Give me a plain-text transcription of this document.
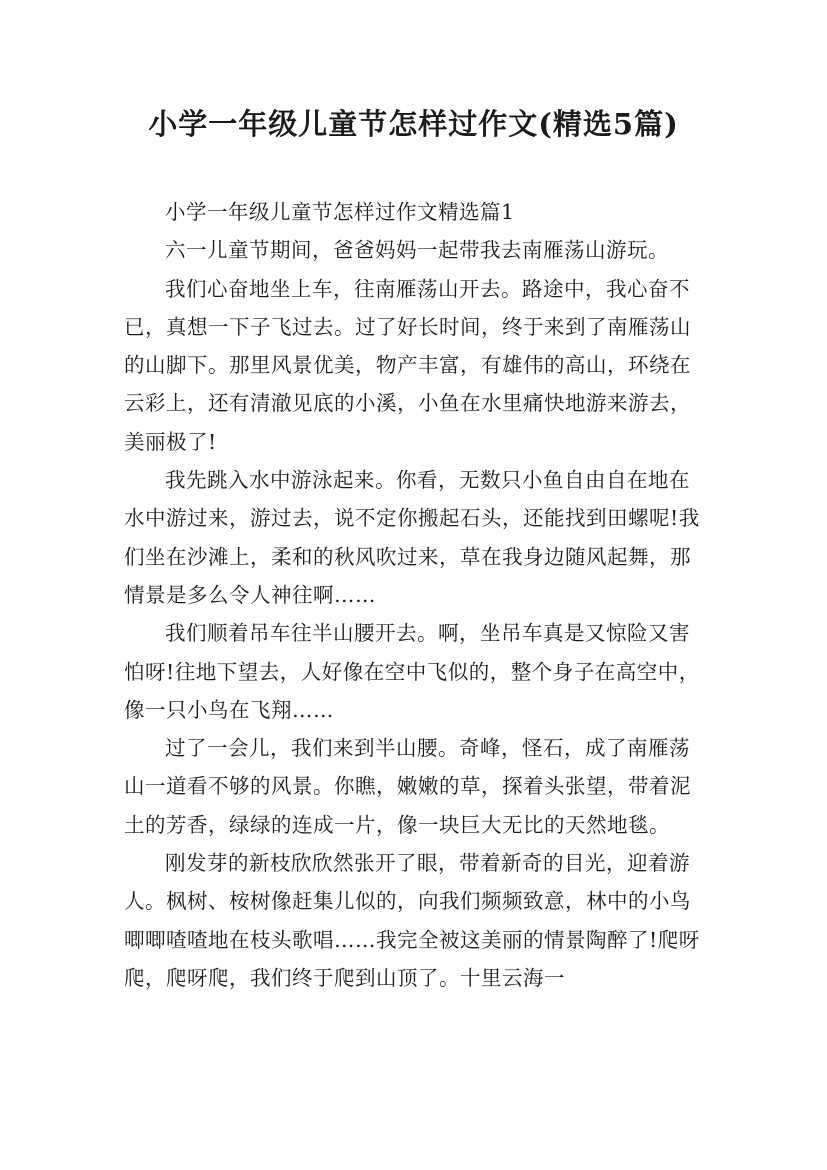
小学一年级儿童节怎样过作文(精选5篇)

小学一年级儿童节怎样过作文精选篇1

六一儿童节期间，爸爸妈妈一起带我去南雁荡山游玩。

我们心奋地坐上车，往南雁荡山开去。路途中，我心奋不已，真想一下子飞过去。过了好长时间，终于来到了南雁荡山的山脚下。那里风景优美，物产丰富，有雄伟的高山，环绕在云彩上，还有清澈见底的小溪，小鱼在水里痛快地游来游去，美丽极了!

我先跳入水中游泳起来。你看，无数只小鱼自由自在地在水中游过来，游过去，说不定你搬起石头，还能找到田螺呢!我们坐在沙滩上，柔和的秋风吹过来，草在我身边随风起舞，那情景是多么令人神往啊……

我们顺着吊车往半山腰开去。啊，坐吊车真是又惊险又害怕呀!往地下望去，人好像在空中飞似的，整个身子在高空中，像一只小鸟在飞翔……

过了一会儿，我们来到半山腰。奇峰，怪石，成了南雁荡山一道看不够的风景。你瞧，嫩嫩的草，探着头张望，带着泥土的芳香，绿绿的连成一片，像一块巨大无比的天然地毯。

刚发芽的新枝欣欣然张开了眼，带着新奇的目光，迎着游人。枫树、桉树像赶集儿似的，向我们频频致意，林中的小鸟唧唧喳喳地在枝头歌唱……我完全被这美丽的情景陶醉了!爬呀爬，爬呀爬，我们终于爬到山顶了。十里云海一
